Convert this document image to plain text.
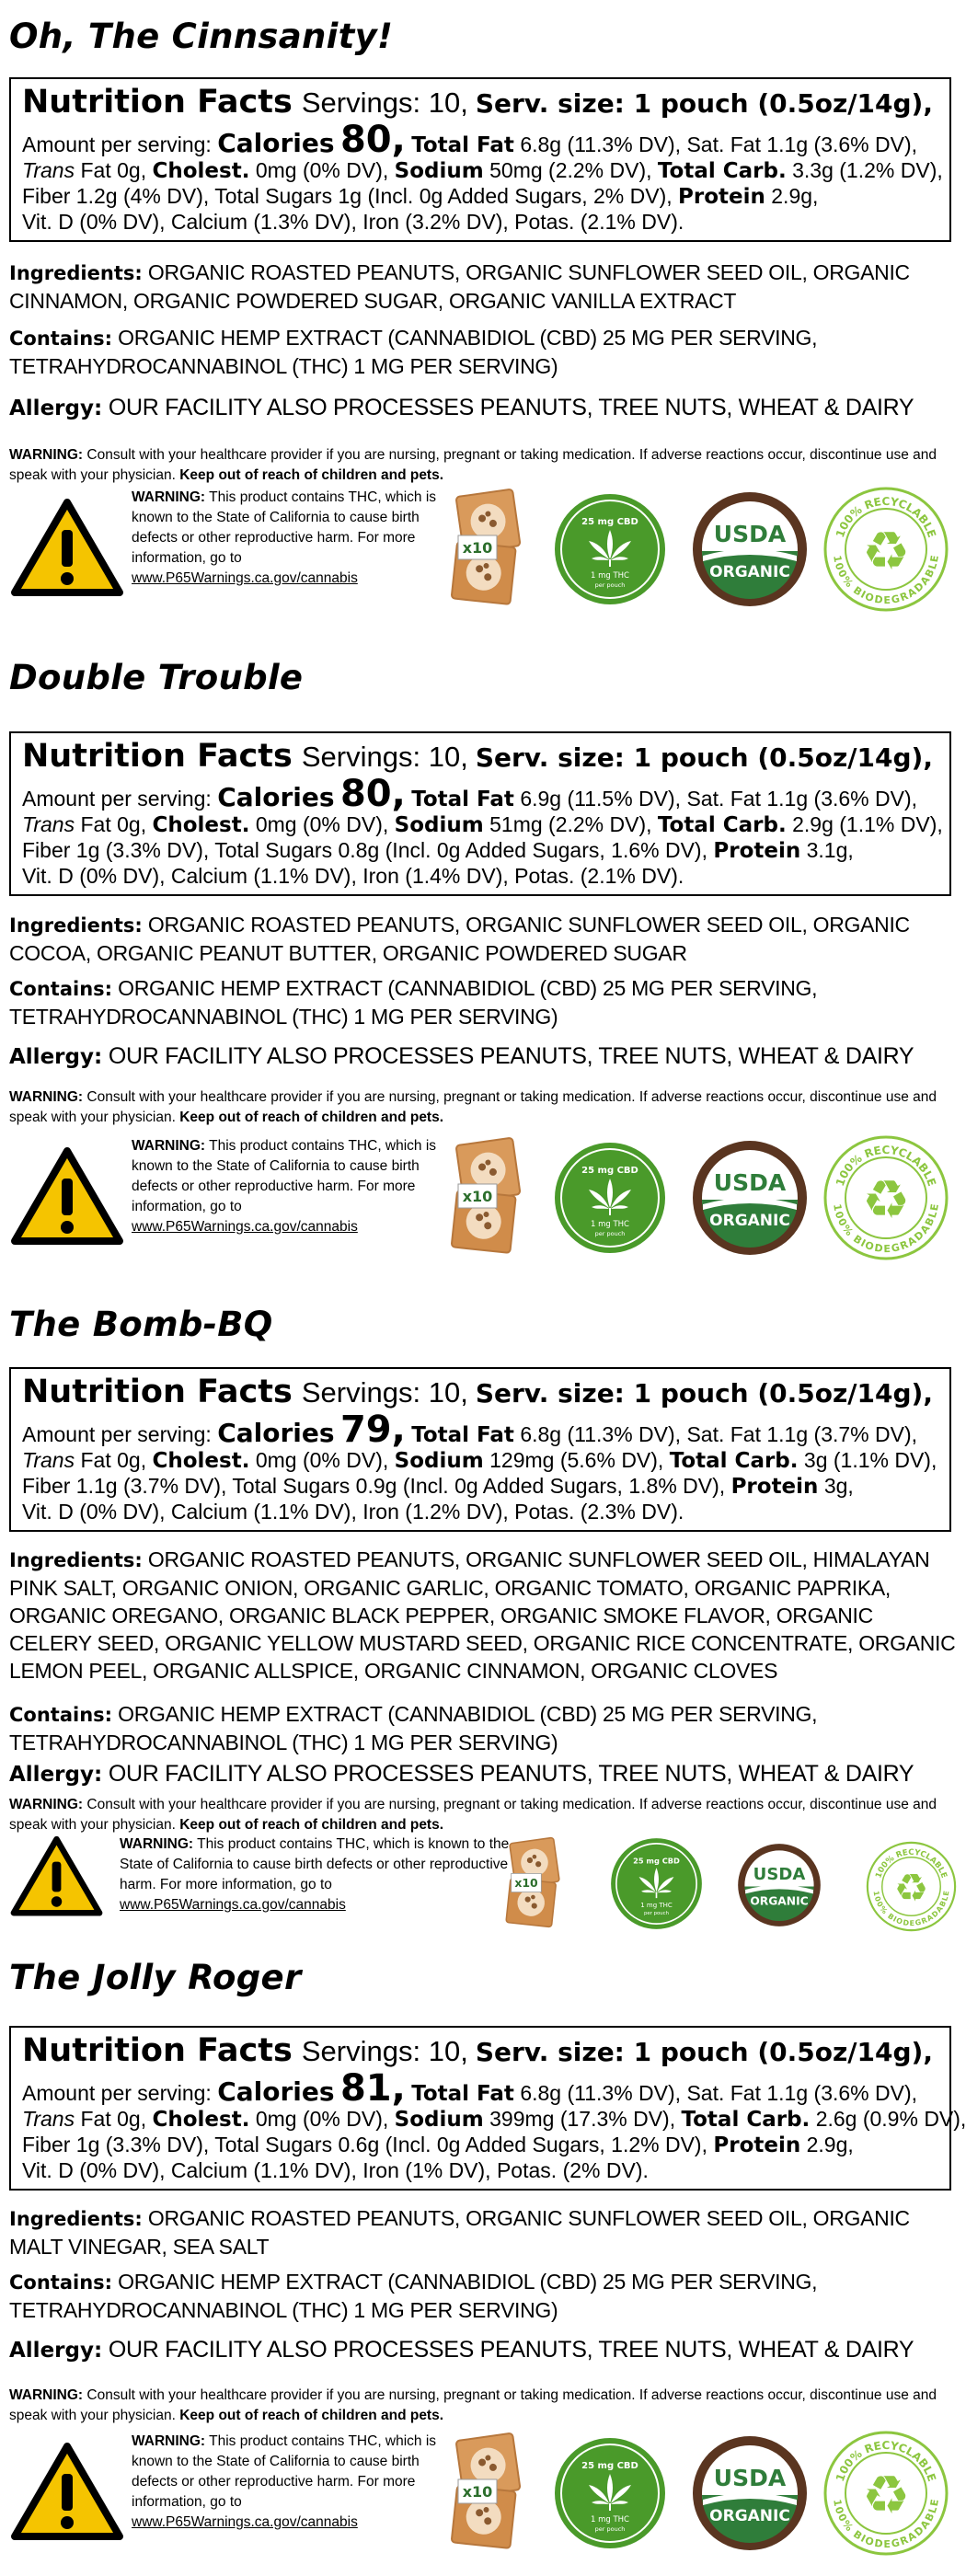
Oh, The Cinnsanity!
Nutrition Facts Servings: 10, Serv. size: 1 pouch (0.5oz/14g),
Amount per serving: Calories 80, Total Fat 6.8g (11.3% DV), Sat. Fat 1.1g (3.6% DV),
Trans Fat 0g, Cholest. 0mg (0% DV), Sodium 50mg (2.2% DV), Total Carb. 3.3g (1.2% DV),
Fiber 1.2g (4% DV), Total Sugars 1g (Incl. 0g Added Sugars, 2% DV), Protein 2.9g,
Vit. D (0% DV), Calcium (1.3% DV), Iron (3.2% DV), Potas. (2.1% DV).
Ingredients: ORGANIC ROASTED PEANUTS, ORGANIC SUNFLOWER SEED OIL, ORGANIC CINNAMON, ORGANIC POWDERED SUGAR, ORGANIC VANILLA EXTRACT
Contains: ORGANIC HEMP EXTRACT (CANNABIDIOL (CBD) 25 MG PER SERVING, TETRAHYDROCANNABINOL (THC) 1 MG PER SERVING)
Allergy: OUR FACILITY ALSO PROCESSES PEANUTS, TREE NUTS, WHEAT & DAIRY
WARNING: Consult with your healthcare provider if you are nursing, pregnant or taking medication. If adverse reactions occur, discontinue use and speak with your physician. Keep out of reach of children and pets.
WARNING: This product contains THC, which is known to the State of California to cause birth defects or other reproductive harm. For more information, go to www.P65Warnings.ca.gov/cannabis
x10
25 mg CBD
1 mg THC
per pouch
USDA
ORGANIC
100% RECYCLABLE
100% BIODEGRADABLE
♻
Double Trouble
Nutrition Facts Servings: 10, Serv. size: 1 pouch (0.5oz/14g),
Amount per serving: Calories 80, Total Fat 6.9g (11.5% DV), Sat. Fat 1.1g (3.6% DV),
Trans Fat 0g, Cholest. 0mg (0% DV), Sodium 51mg (2.2% DV), Total Carb. 2.9g (1.1% DV),
Fiber 1g (3.3% DV), Total Sugars 0.8g (Incl. 0g Added Sugars, 1.6% DV), Protein 3.1g,
Vit. D (0% DV), Calcium (1.1% DV), Iron (1.4% DV), Potas. (2.1% DV).
Ingredients: ORGANIC ROASTED PEANUTS, ORGANIC SUNFLOWER SEED OIL, ORGANIC COCOA, ORGANIC PEANUT BUTTER, ORGANIC POWDERED SUGAR
Contains: ORGANIC HEMP EXTRACT (CANNABIDIOL (CBD) 25 MG PER SERVING, TETRAHYDROCANNABINOL (THC) 1 MG PER SERVING)
Allergy: OUR FACILITY ALSO PROCESSES PEANUTS, TREE NUTS, WHEAT & DAIRY
WARNING: Consult with your healthcare provider if you are nursing, pregnant or taking medication. If adverse reactions occur, discontinue use and speak with your physician. Keep out of reach of children and pets.
WARNING: This product contains THC, which is known to the State of California to cause birth defects or other reproductive harm. For more information, go to www.P65Warnings.ca.gov/cannabis
x10
25 mg CBD
1 mg THC
per pouch
USDA
ORGANIC
100% RECYCLABLE
100% BIODEGRADABLE
♻
The Bomb-BQ
Nutrition Facts Servings: 10, Serv. size: 1 pouch (0.5oz/14g),
Amount per serving: Calories 79, Total Fat 6.8g (11.3% DV), Sat. Fat 1.1g (3.7% DV),
Trans Fat 0g, Cholest. 0mg (0% DV), Sodium 129mg (5.6% DV), Total Carb. 3g (1.1% DV),
Fiber 1.1g (3.7% DV), Total Sugars 0.9g (Incl. 0g Added Sugars, 1.8% DV), Protein 3g,
Vit. D (0% DV), Calcium (1.1% DV), Iron (1.2% DV), Potas. (2.3% DV).
Ingredients: ORGANIC ROASTED PEANUTS, ORGANIC SUNFLOWER SEED OIL, HIMALAYAN PINK SALT, ORGANIC ONION, ORGANIC GARLIC, ORGANIC TOMATO, ORGANIC PAPRIKA, ORGANIC OREGANO, ORGANIC BLACK PEPPER, ORGANIC SMOKE FLAVOR, ORGANIC CELERY SEED, ORGANIC YELLOW MUSTARD SEED, ORGANIC RICE CONCENTRATE, ORGANIC LEMON PEEL, ORGANIC ALLSPICE, ORGANIC CINNAMON, ORGANIC CLOVES
Contains: ORGANIC HEMP EXTRACT (CANNABIDIOL (CBD) 25 MG PER SERVING, TETRAHYDROCANNABINOL (THC) 1 MG PER SERVING)
Allergy: OUR FACILITY ALSO PROCESSES PEANUTS, TREE NUTS, WHEAT & DAIRY
WARNING: Consult with your healthcare provider if you are nursing, pregnant or taking medication. If adverse reactions occur, discontinue use and speak with your physician. Keep out of reach of children and pets.
WARNING: This product contains THC, which is known to the State of California to cause birth defects or other reproductive harm. For more information, go to www.P65Warnings.ca.gov/cannabis
x10
25 mg CBD
1 mg THC
per pouch
USDA
ORGANIC
100% RECYCLABLE
100% BIODEGRADABLE
♻
The Jolly Roger
Nutrition Facts Servings: 10, Serv. size: 1 pouch (0.5oz/14g),
Amount per serving: Calories 81, Total Fat 6.8g (11.3% DV), Sat. Fat 1.1g (3.6% DV),
Trans Fat 0g, Cholest. 0mg (0% DV), Sodium 399mg (17.3% DV), Total Carb. 2.6g (0.9% DV),
Fiber 1g (3.3% DV), Total Sugars 0.6g (Incl. 0g Added Sugars, 1.2% DV), Protein 2.9g,
Vit. D (0% DV), Calcium (1.1% DV), Iron (1% DV), Potas. (2% DV).
Ingredients: ORGANIC ROASTED PEANUTS, ORGANIC SUNFLOWER SEED OIL, ORGANIC MALT VINEGAR, SEA SALT
Contains: ORGANIC HEMP EXTRACT (CANNABIDIOL (CBD) 25 MG PER SERVING, TETRAHYDROCANNABINOL (THC) 1 MG PER SERVING)
Allergy: OUR FACILITY ALSO PROCESSES PEANUTS, TREE NUTS, WHEAT & DAIRY
WARNING: Consult with your healthcare provider if you are nursing, pregnant or taking medication. If adverse reactions occur, discontinue use and speak with your physician. Keep out of reach of children and pets.
WARNING: This product contains THC, which is known to the State of California to cause birth defects or other reproductive harm. For more information, go to www.P65Warnings.ca.gov/cannabis
x10
25 mg CBD
1 mg THC
per pouch
USDA
ORGANIC
100% RECYCLABLE
100% BIODEGRADABLE
♻
